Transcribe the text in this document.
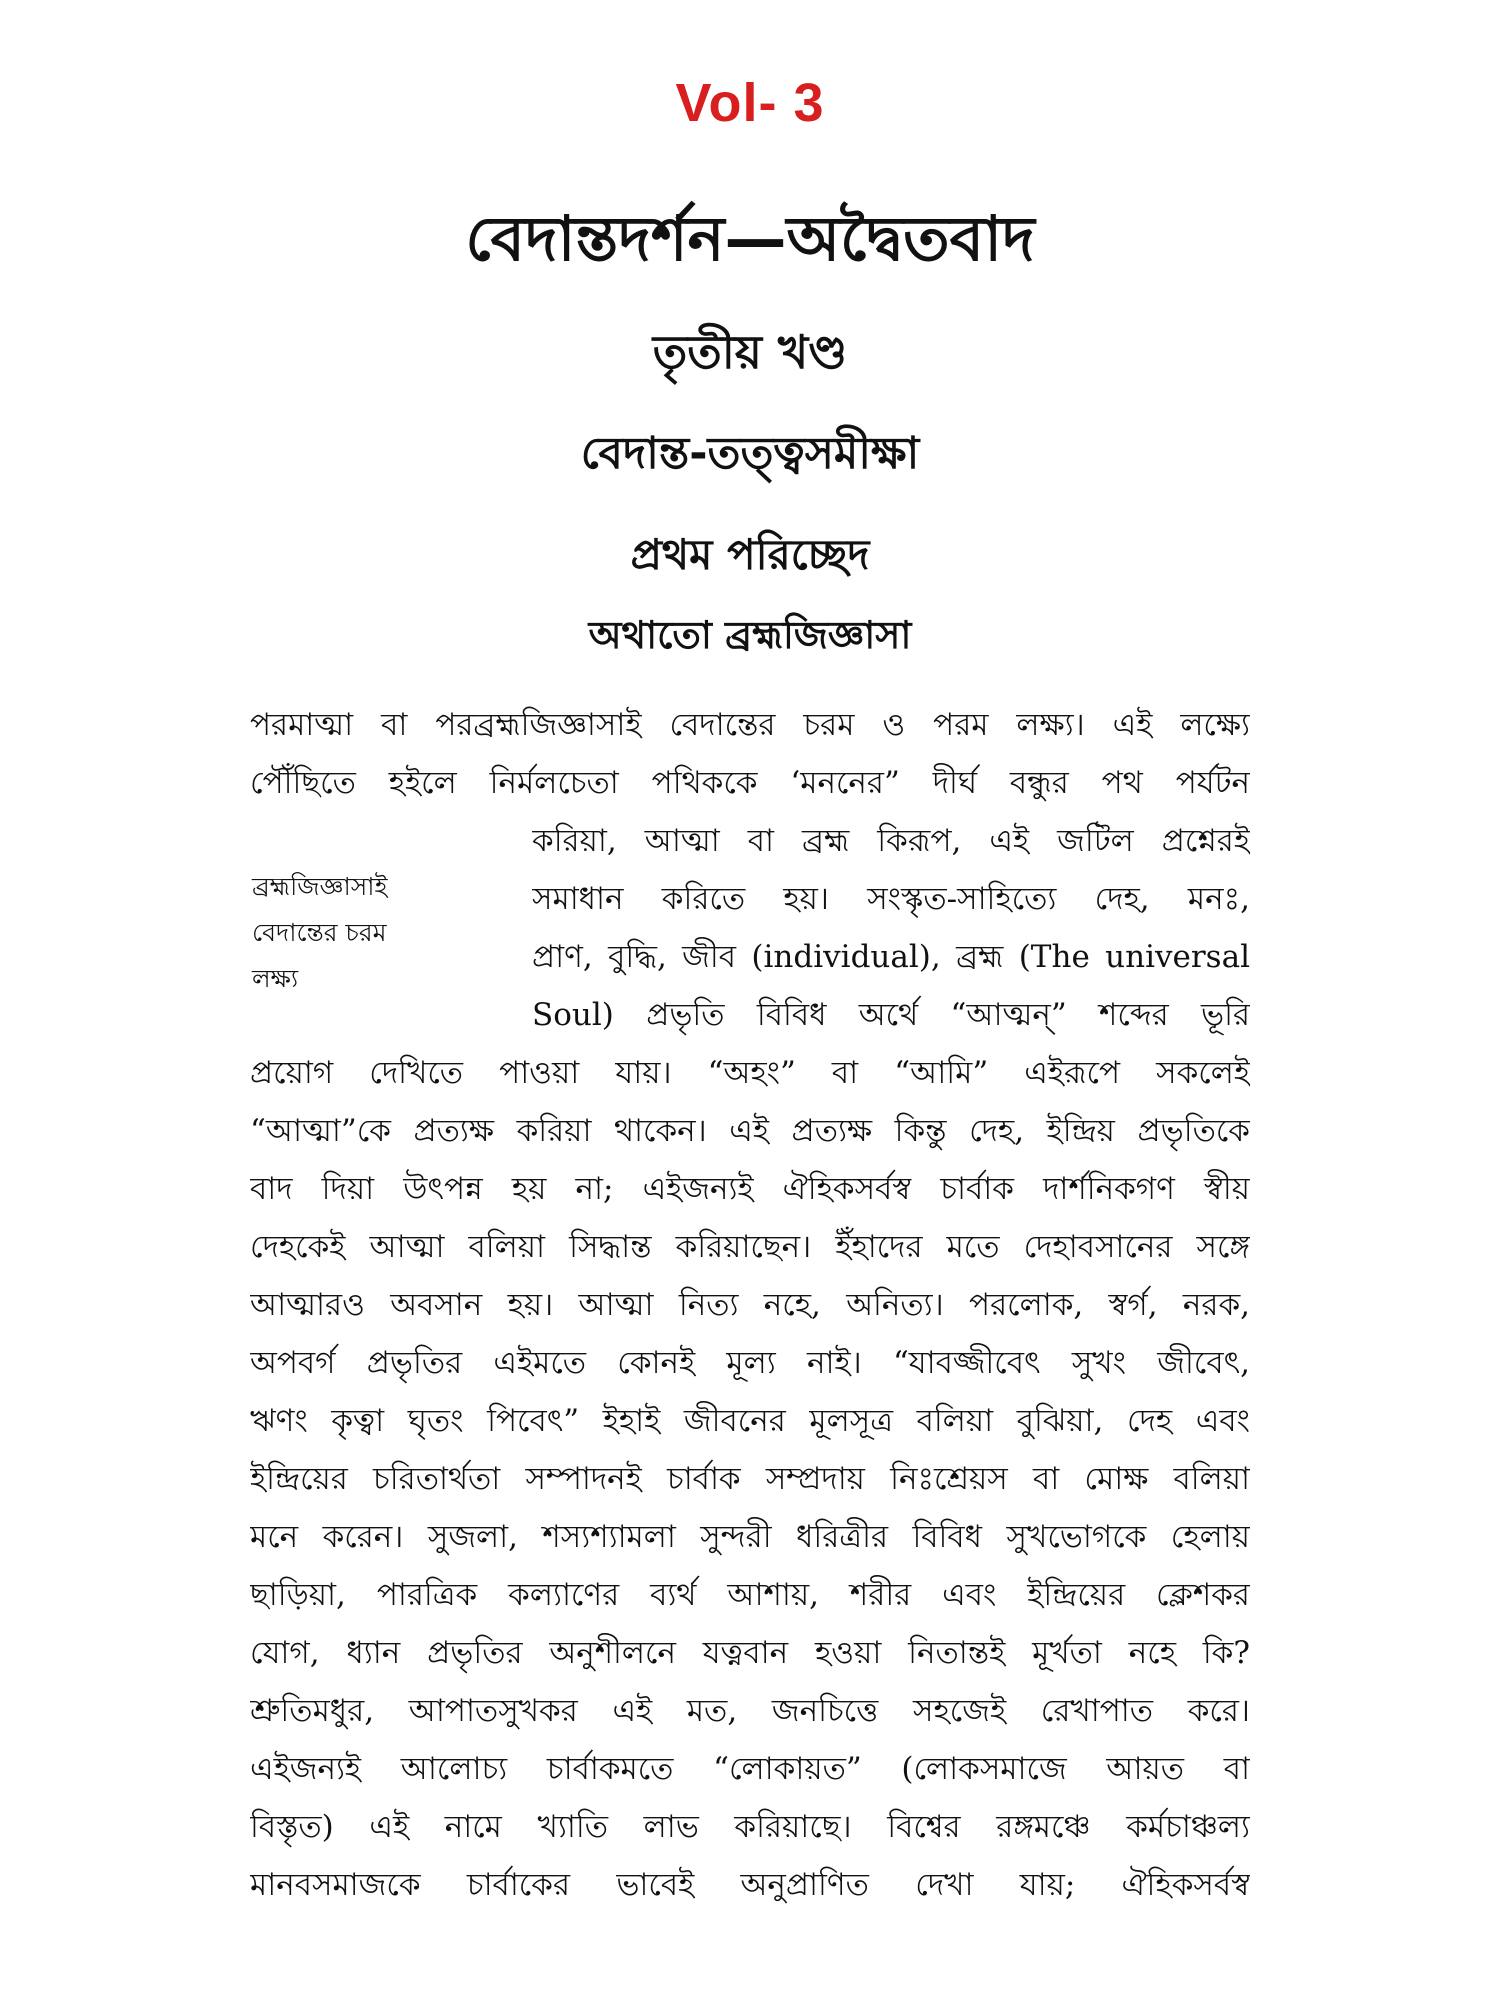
Vol- 3
বেদান্তদর্শন—অদ্বৈতবাদ
তৃতীয় খণ্ড
বেদান্ত-তত্ত্বসমীক্ষা
প্রথম পরিচ্ছেদ
অথাতো ব্রহ্মজিজ্ঞাসা
পরমাত্মা বা পরব্রহ্মজিজ্ঞাসাই বেদান্তের চরম ও পরম লক্ষ্য। এই লক্ষ্যে
পৌঁছিতে হইলে নির্মলচেতা পথিককে ‘মননের” দীর্ঘ বন্ধুর পথ পর্যটন
ব্রহ্মজিজ্ঞাসাই
বেদান্তের চরম
লক্ষ্য
করিয়া, আত্মা বা ব্রহ্ম কিরূপ, এই জটিল প্রশ্নেরই
সমাধান করিতে হয়। সংস্কৃত-সাহিত্যে দেহ, মনঃ,
প্রাণ, বুদ্ধি, জীব (individual), ব্রহ্ম (The universal
Soul) প্রভৃতি বিবিধ অর্থে “আত্মন্” শব্দের ভূরি
প্রয়োগ দেখিতে পাওয়া যায়। “অহং” বা “আমি” এইরূপে সকলেই
“আত্মা”কে প্রত্যক্ষ করিয়া থাকেন। এই প্রত্যক্ষ কিন্তু দেহ, ইন্দ্রিয় প্রভৃতিকে
বাদ দিয়া উৎপন্ন হয় না; এইজন্যই ঐহিকসর্বস্ব চার্বাক দার্শনিকগণ স্বীয়
দেহকেই আত্মা বলিয়া সিদ্ধান্ত করিয়াছেন। ইঁহাদের মতে দেহাবসানের সঙ্গে
আত্মারও অবসান হয়। আত্মা নিত্য নহে, অনিত্য। পরলোক, স্বর্গ, নরক,
অপবর্গ প্রভৃতির এইমতে কোনই মূল্য নাই। “যাবজ্জীবেৎ সুখং জীবেৎ,
ঋণং কৃত্বা ঘৃতং পিবেৎ” ইহাই জীবনের মূলসূত্র বলিয়া বুঝিয়া, দেহ এবং
ইন্দ্রিয়ের চরিতার্থতা সম্পাদনই চার্বাক সম্প্রদায় নিঃশ্রেয়স বা মোক্ষ বলিয়া
মনে করেন। সুজলা, শস্যশ্যামলা সুন্দরী ধরিত্রীর বিবিধ সুখভোগকে হেলায়
ছাড়িয়া, পারত্রিক কল্যাণের ব্যর্থ আশায়, শরীর এবং ইন্দ্রিয়ের ক্লেশকর
যোগ, ধ্যান প্রভৃতির অনুশীলনে যত্নবান হওয়া নিতান্তই মূর্খতা নহে কি?
শ্রুতিমধুর, আপাতসুখকর এই মত, জনচিত্তে সহজেই রেখাপাত করে।
এইজন্যই আলোচ্য চার্বাকমতে “লোকায়ত” (লোকসমাজে আয়ত বা
বিস্তৃত) এই নামে খ্যাতি লাভ করিয়াছে। বিশ্বের রঙ্গমঞ্চে কর্মচাঞ্চল্য
মানবসমাজকে চার্বাকের ভাবেই অনুপ্রাণিত দেখা যায়; ঐহিকসর্বস্ব
